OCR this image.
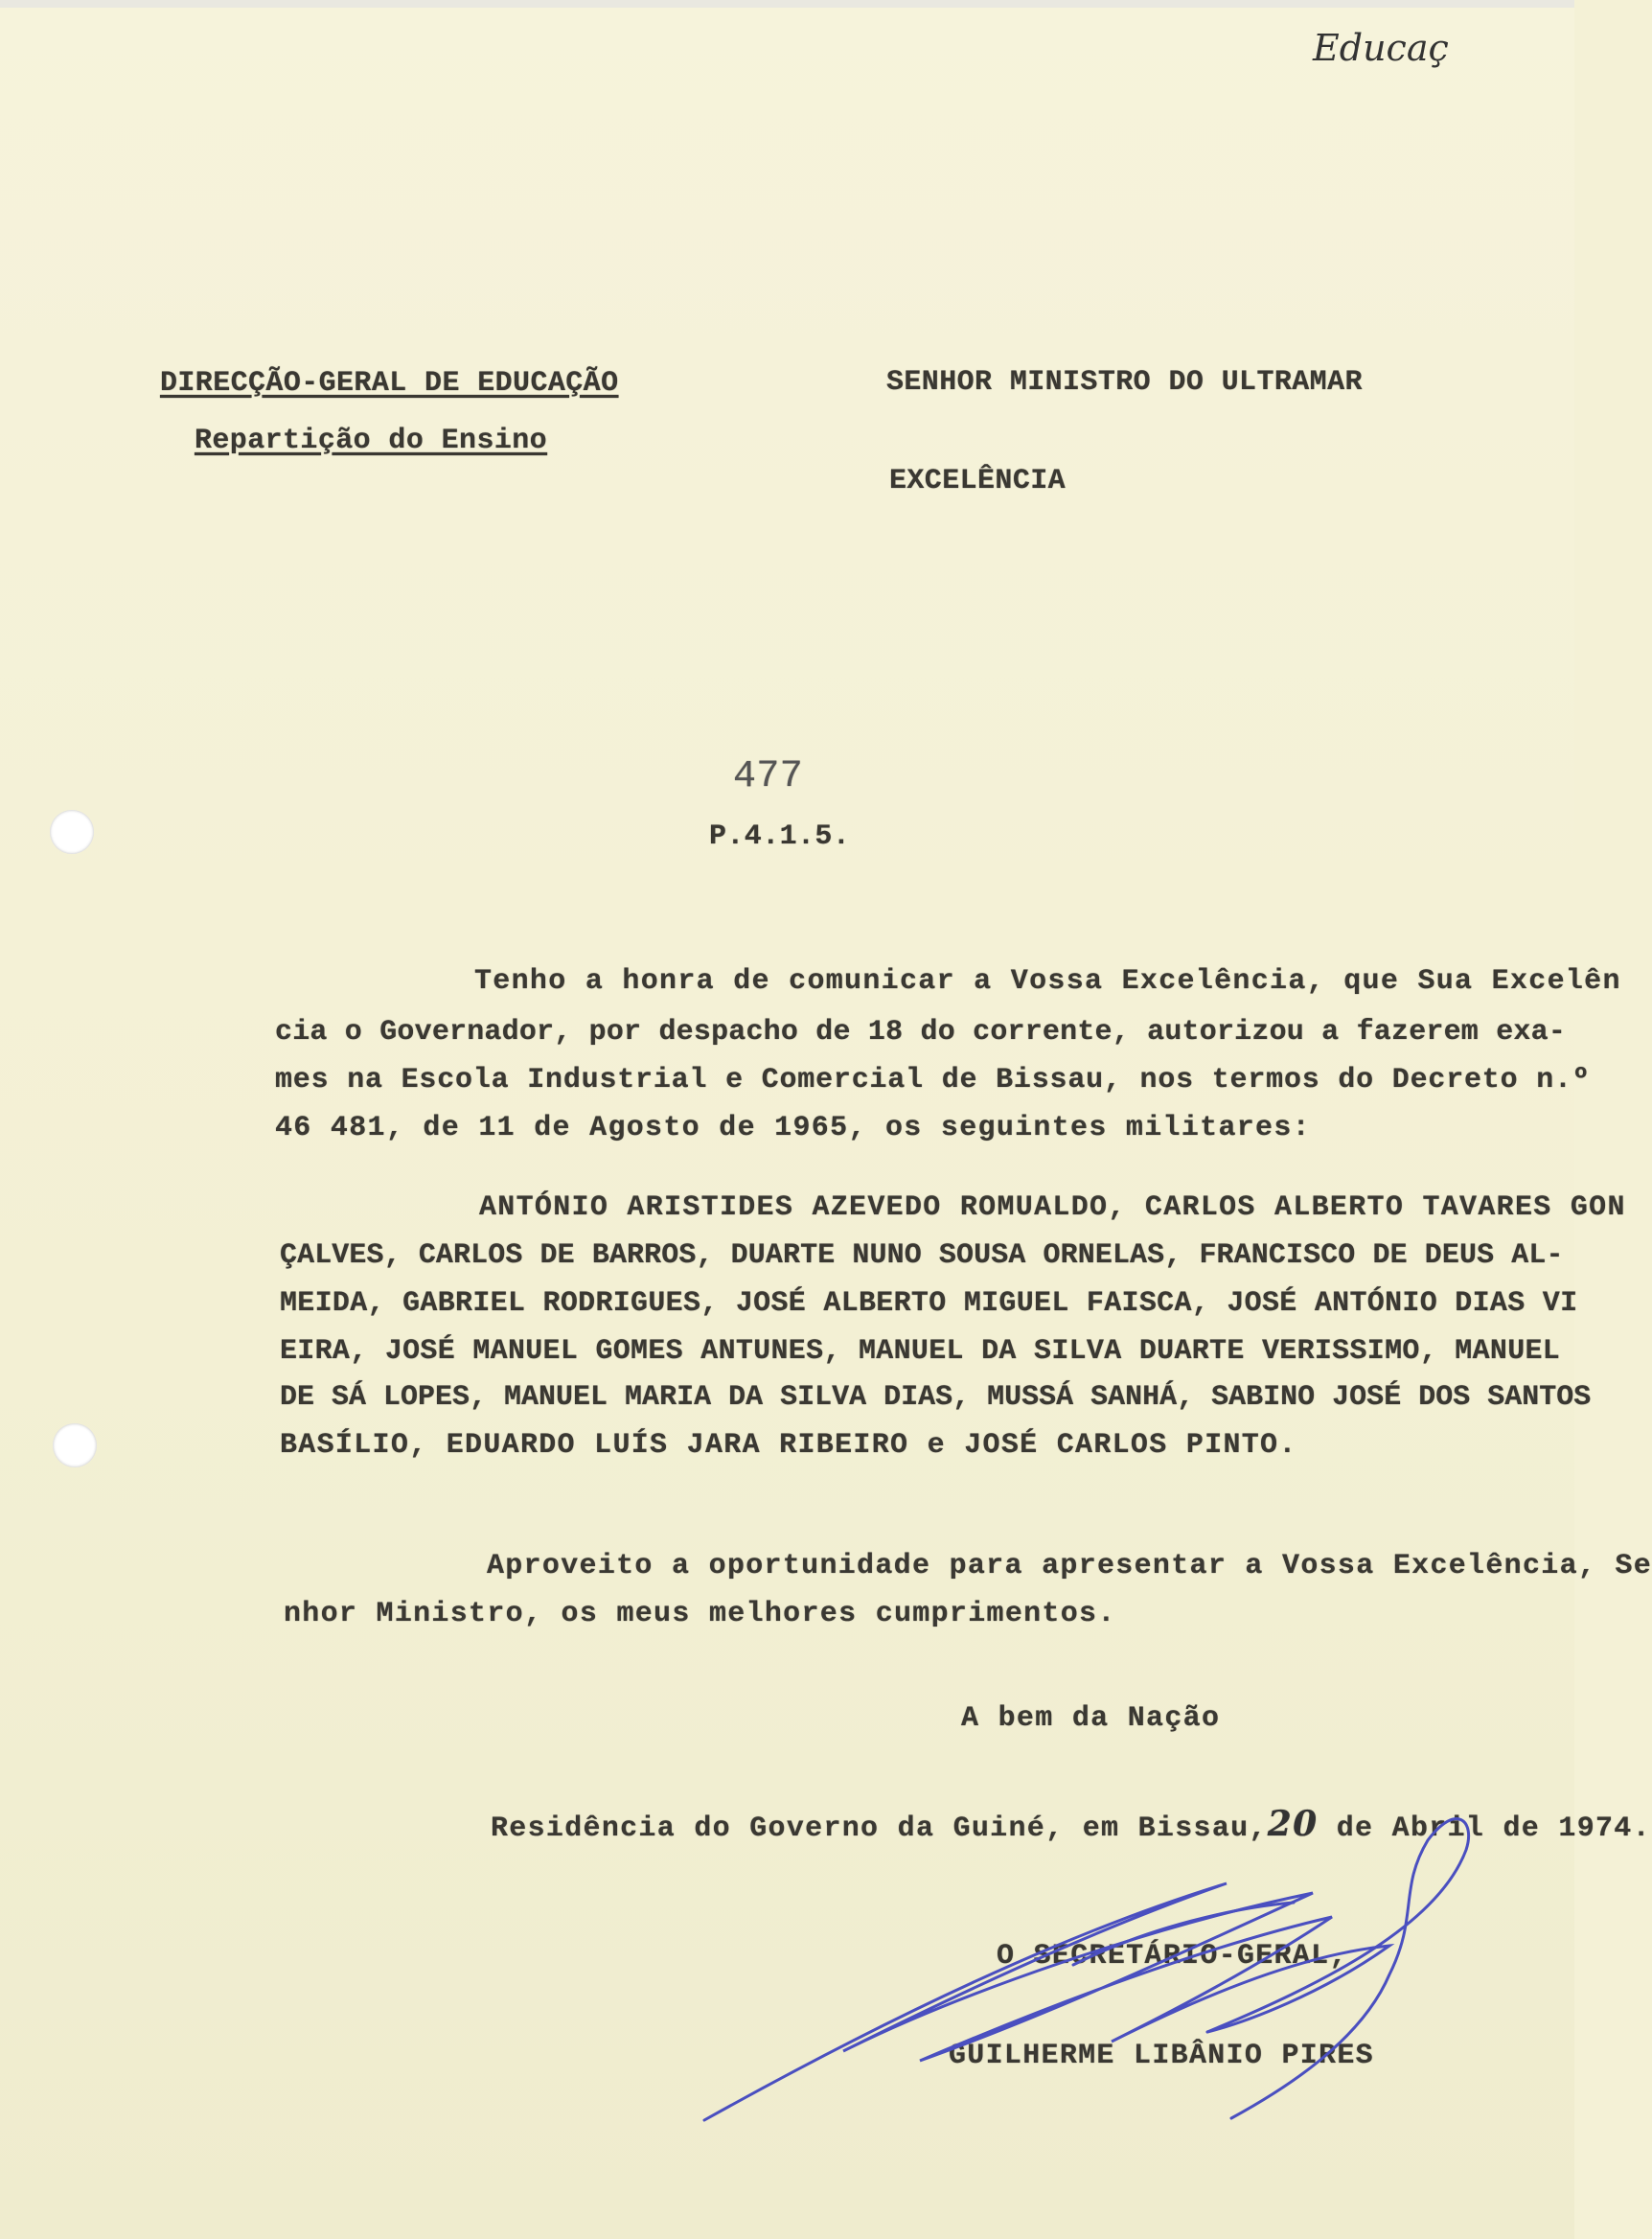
Educaç
DIRECÇÃO-GERAL DE EDUCAÇÃO
Repartição do Ensino
SENHOR MINISTRO DO ULTRAMAR
EXCELÊNCIA
477
P.4.1.5.
Tenho a honra de comunicar a Vossa Excelência, que Sua Excelên
cia o Governador, por despacho de 18 do corrente, autorizou a fazerem exa-
mes na Escola Industrial e Comercial de Bissau, nos termos do Decreto n.º
46 481, de 11 de Agosto de 1965, os seguintes militares:
ANTÓNIO ARISTIDES AZEVEDO ROMUALDO, CARLOS ALBERTO TAVARES GON
ÇALVES, CARLOS DE BARROS, DUARTE NUNO SOUSA ORNELAS, FRANCISCO DE DEUS AL-
MEIDA, GABRIEL RODRIGUES, JOSÉ ALBERTO MIGUEL FAISCA, JOSÉ ANTÓNIO DIAS VI
EIRA, JOSÉ MANUEL GOMES ANTUNES, MANUEL DA SILVA DUARTE VERISSIMO, MANUEL
DE SÁ LOPES, MANUEL MARIA DA SILVA DIAS, MUSSÁ SANHÁ, SABINO JOSÉ DOS SANTOS
BASÍLIO, EDUARDO LUÍS JARA RIBEIRO e JOSÉ CARLOS PINTO.
Aproveito a oportunidade para apresentar a Vossa Excelência, Se
nhor Ministro, os meus melhores cumprimentos.
A bem da Nação
Residência do Governo da Guiné, em Bissau,20 de Abril de 1974.
O SECRETÁRIO-GERAL,
GUILHERME LIBÂNIO PIRES
